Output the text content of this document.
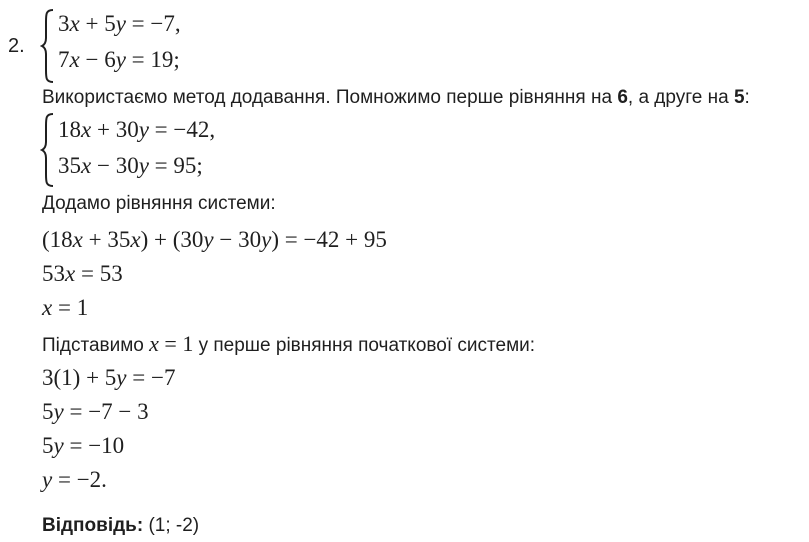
2.
3x + 5y = −7,
7x − 6y = 19;
Використаємо метод додавання. Помножимо перше рівняння на 6, а друге на 5:
18x + 30y = −42,
35x − 30y = 95;
Додамо рівняння системи:
(18x + 35x) + (30y − 30y) = −42 + 95
53x = 53
x = 1
Підставимо x = 1 у перше рівняння початкової системи:
3(1) + 5y = −7
5y = −7 − 3
5y = −10
y = −2.
Відповідь: (1; -2)
